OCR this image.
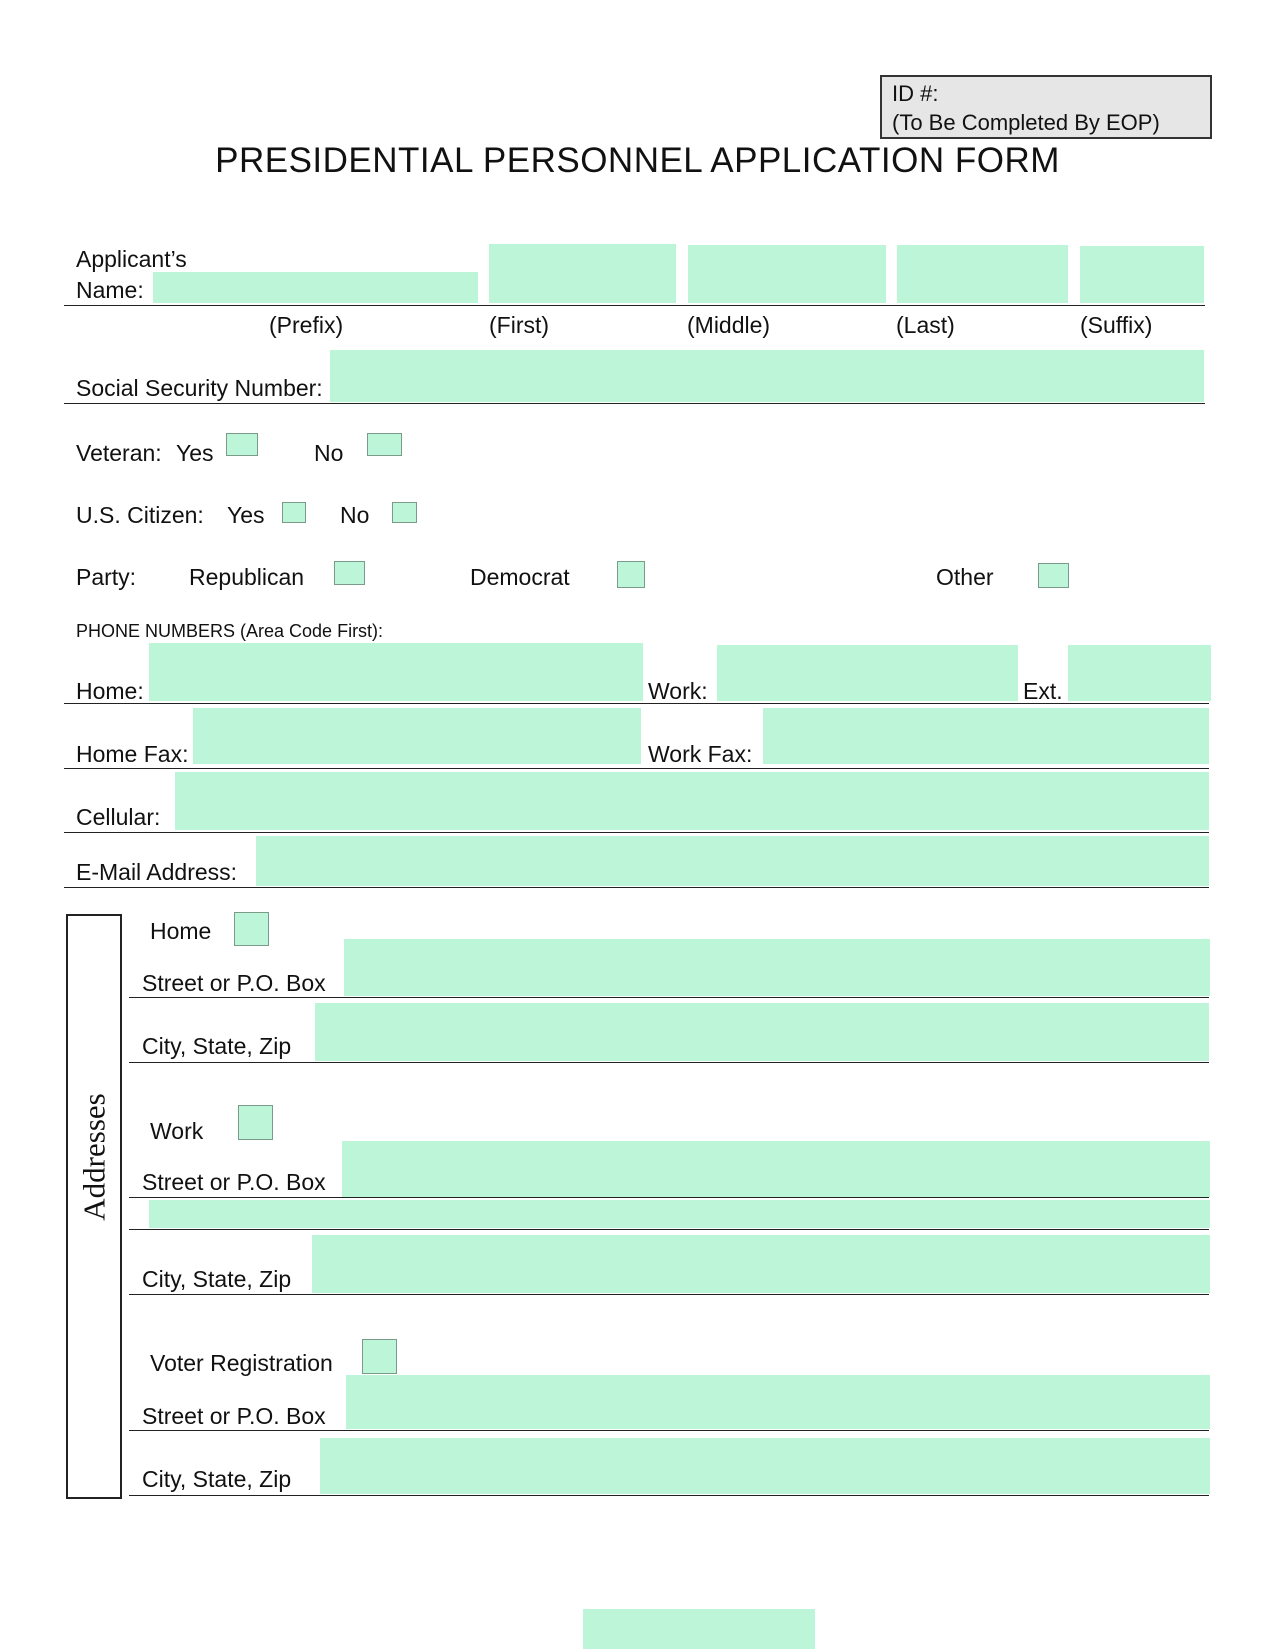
ID #:
(To Be Completed By EOP)
PRESIDENTIAL PERSONNEL APPLICATION FORM
Applicant’s
Name:
(Prefix)	(First)	(Middle)	(Last)	(Suffix)
Social Security Number:
Veteran: Yes	No
U.S. Citizen: Yes	No
Party: Republican	Democrat	Other
PHONE NUMBERS (Area Code First):
Home:	Work:	Ext.
Home Fax:	Work Fax:
Cellular:
E-Mail Address:
Addresses
Home
Street or P.O. Box
City, State, Zip
Work
Street or P.O. Box
City, State, Zip
Voter Registration
Street or P.O. Box
City, State, Zip
